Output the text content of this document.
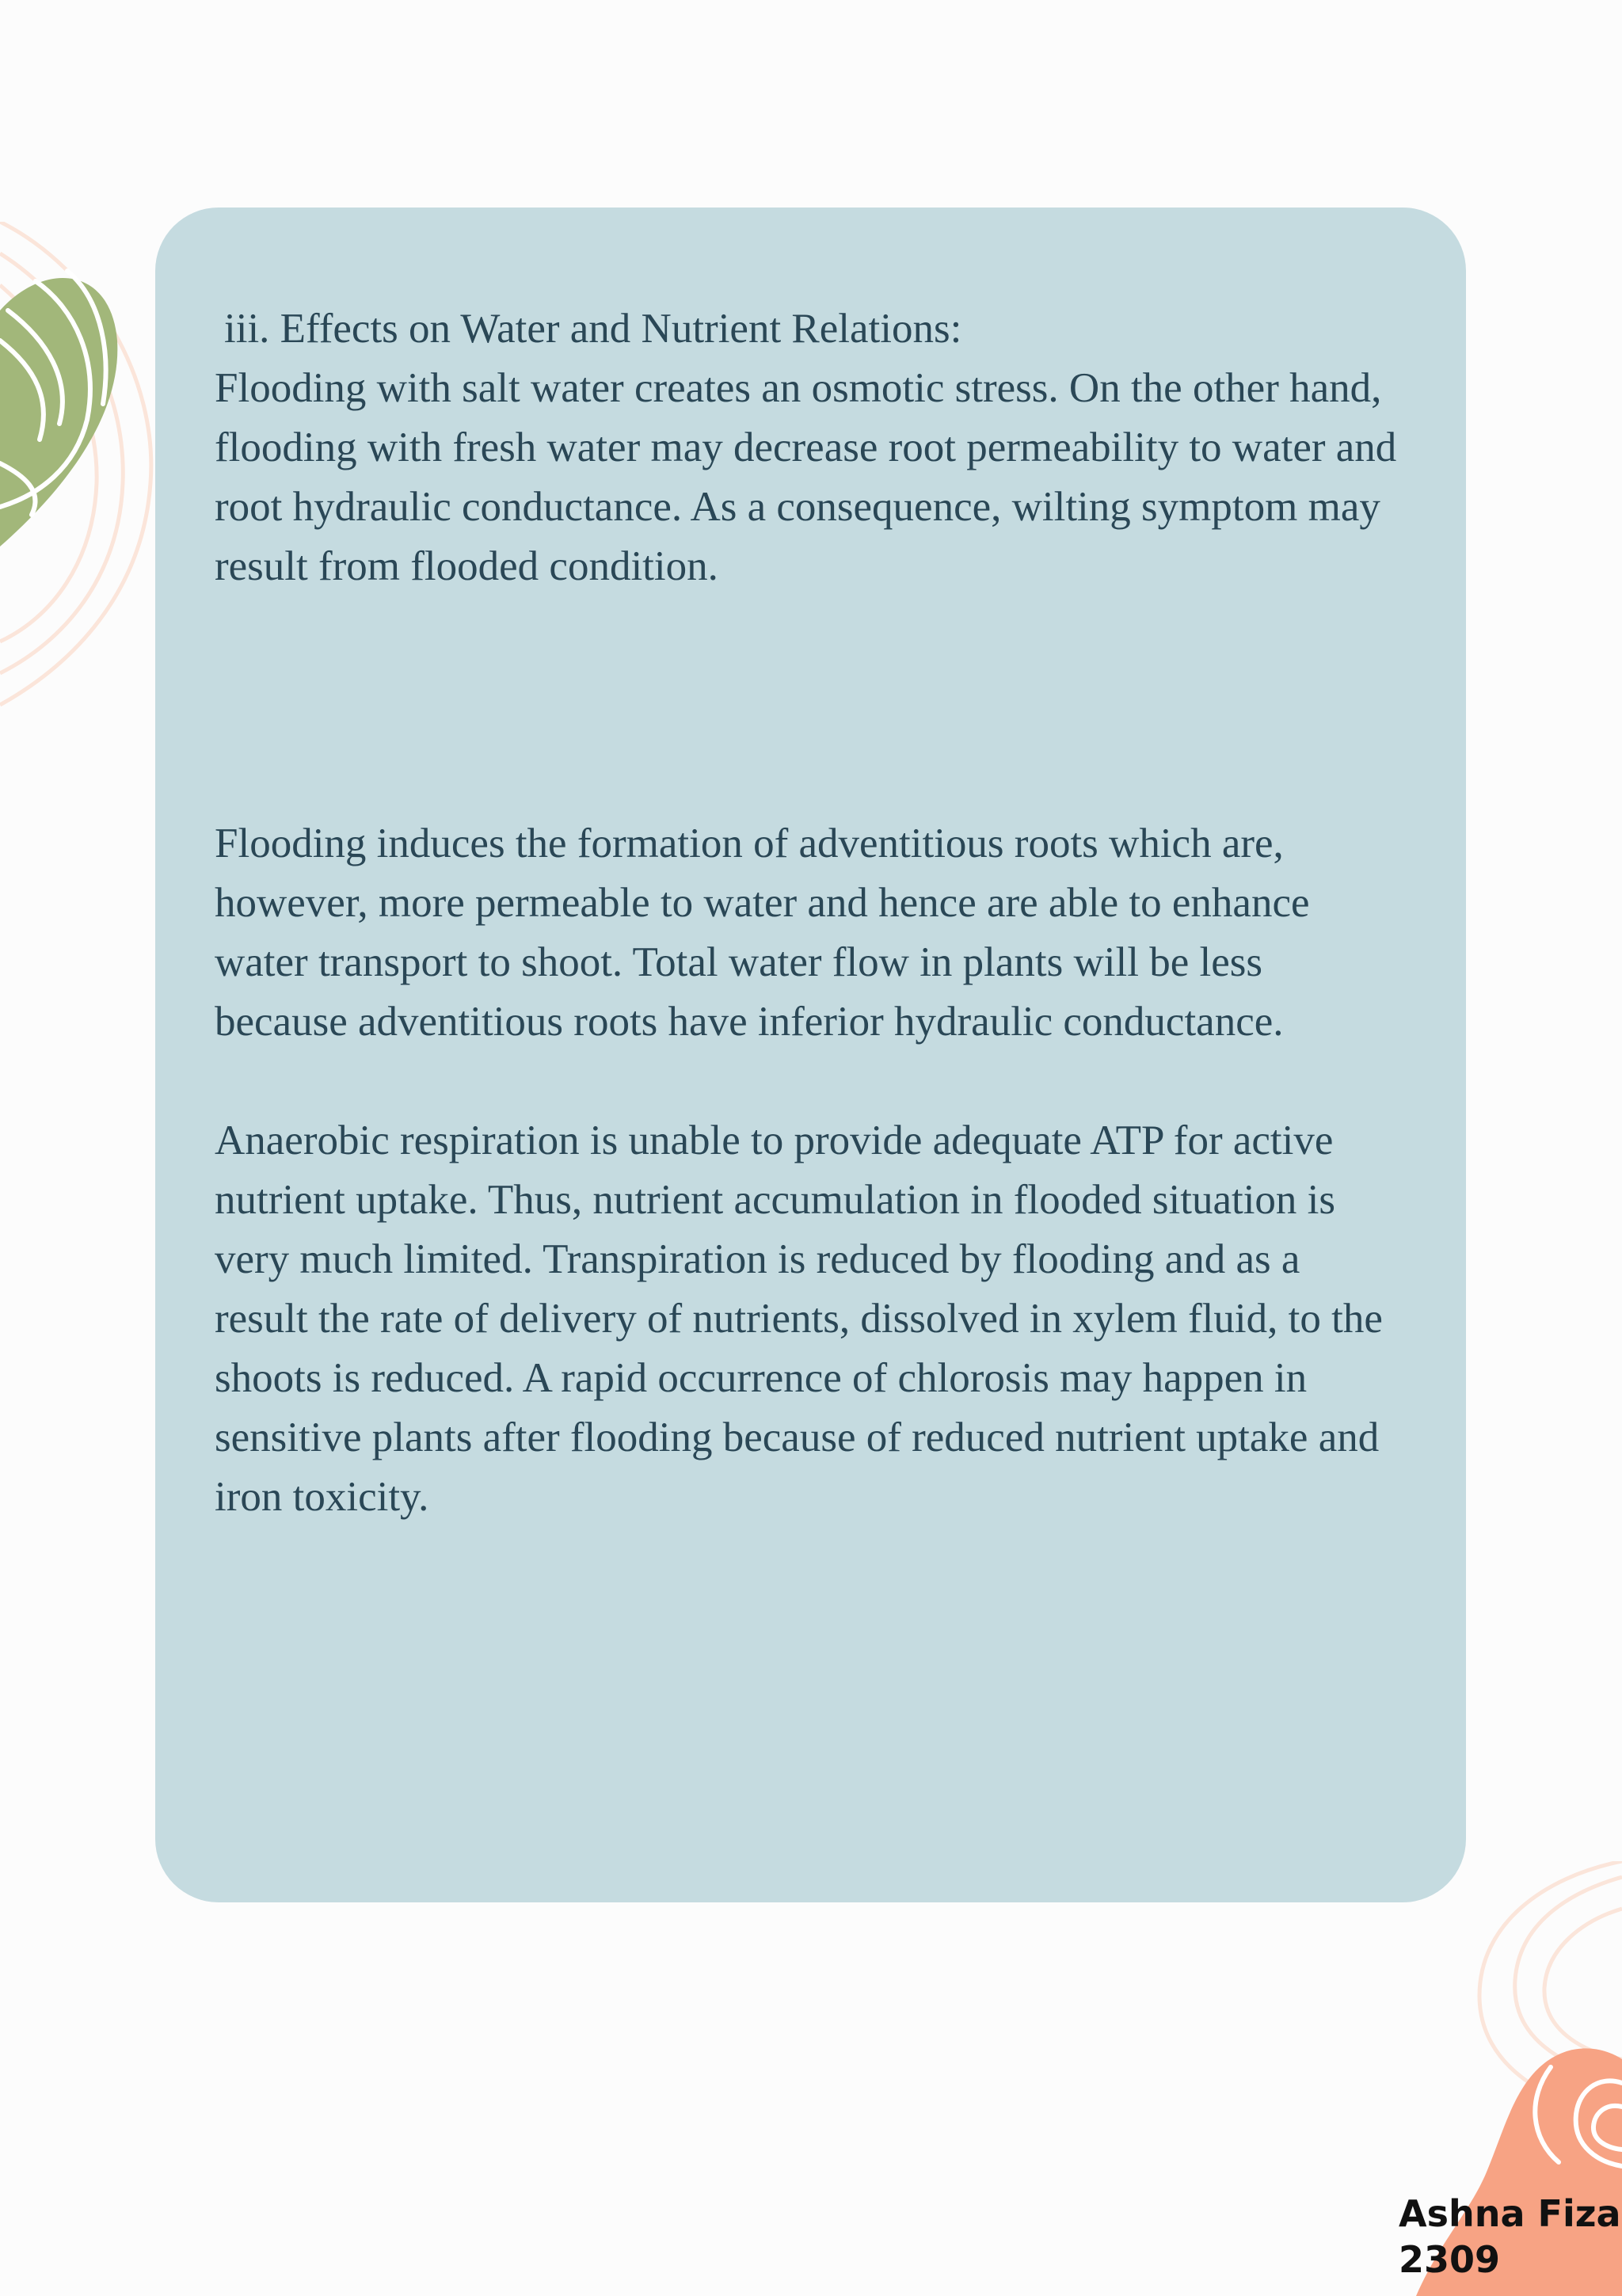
iii. Effects on Water and Nutrient Relations:

Flooding with salt water creates an osmotic stress. On the other hand, flooding with fresh water may decrease root permeability to water and root hydraulic conductance. As a consequence, wilting symptom may result from flooded condition.

Flooding induces the formation of adventitious roots which are, however, more permeable to water and hence are able to enhance water transport to shoot. Total water flow in plants will be less because adventitious roots have inferior hydraulic conductance.

Anaerobic respiration is unable to provide adequate ATP for active nutrient uptake. Thus, nutrient accumulation in flooded situation is very much limited. Transpiration is reduced by flooding and as a result the rate of delivery of nutrients, dissolved in xylem fluid, to the shoots is reduced. A rapid occurrence of chlorosis may happen in sensitive plants after flooding because of reduced nutrient uptake and iron toxicity.

Ashna Fiza
2309
